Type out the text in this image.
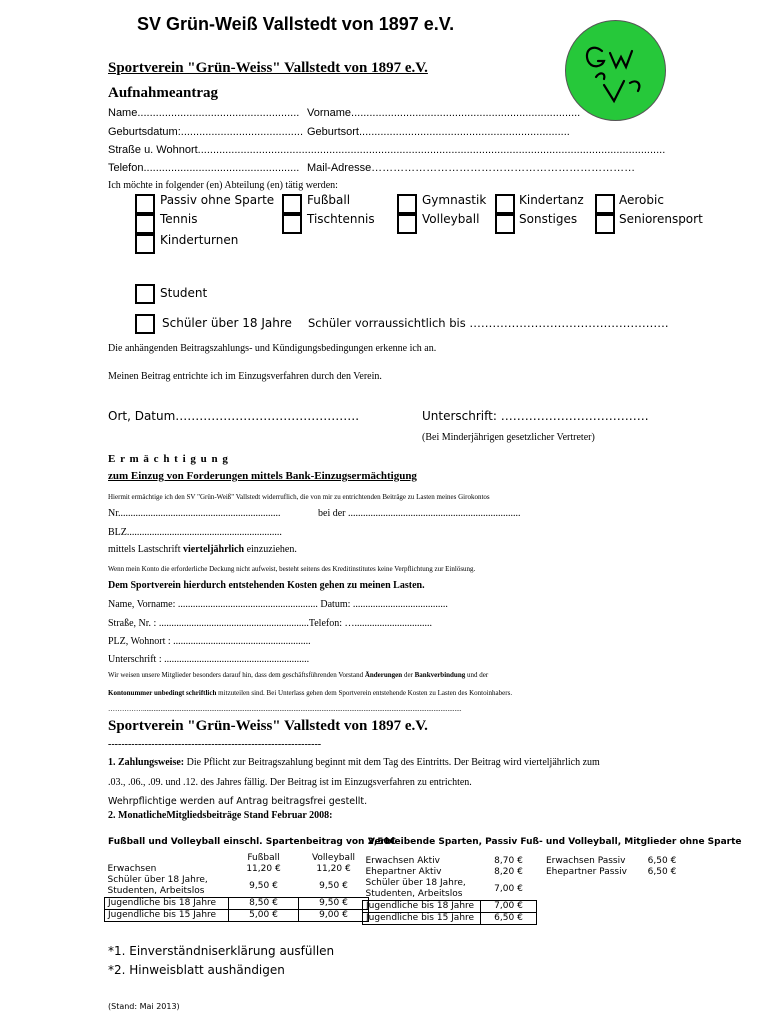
SV Grün-Weiß Vallstedt von 1897 e.V.
Sportverein "Grün-Weiss" Vallstedt von 1897 e.V.
Aufnahmeantrag
Name..................................................... Vorname...........................................................................
Geburtsdatum:........................................ Geburtsort.....................................................................
Straße u. Wohnort.........................................................................................................................................................
Telefon................................................... Mail-Adresse………………………………………………………………
Ich möchte in folgender (en) Abteilung (en) tätig werden:
Passiv ohne Sparte
Tennis
Kinderturnen
Fußball
Tischtennis
Gymnastik
Volleyball
Kindertanz
Sonstiges
Aerobic
Seniorensport
Student
Schüler über 18 Jahre Schüler vorraussichtlich bis …………………………………………….
Die anhängenden Beitragszahlungs- und Kündigungsbedingungen erkenne ich an.
Meinen Beitrag entrichte ich im Einzugsverfahren durch den Verein.
Ort, Datum……………………………………….	Unterschrift: ……………………………….
(Bei Minderjährigen gesetzlicher Vertreter)
E r m ä c h t i g u n g
zum Einzug von Forderungen mittels Bank-Einzugsermächtigung
Hiermit ermächtige ich den SV "Grün-Weiß" Vallstedt widerruflich, die von mir zu entrichtenden Beiträge zu Lasten meines Girokontos
Nr.................................................................	bei der .....................................................................
BLZ..............................................................
mittels Lastschrift vierteljährlich einzuziehen.
Wenn mein Konto die erforderliche Deckung nicht aufweist, besteht seitens des Kreditinstitutes keine Verpflichtung zur Einlösung.
Dem Sportverein hierdurch entstehenden Kosten gehen zu meinen Lasten.
Name, Vorname: ........................................................ Datum: ......................................
Straße, Nr. : ............................................................Telefon: …...............................
PLZ, Wohnort : .......................................................
Unterschrift : ..........................................................
Wir weisen unsere Mitglieder besonders darauf hin, dass dem geschäftsführenden Vorstand Änderungen der Bankverbindung und der
Kontonummer unbedingt schriftlich mitzuteilen sind. Bei Unterlass gehen dem Sportverein entstehende Kosten zu Lasten des Kontoinhabers.
……………......................................................................................................................................................................................
Sportverein "Grün-Weiss" Vallstedt von 1897 e.V.
----------------------------------------------------------------
1. Zahlungsweise: Die Pflicht zur Beitragszahlung beginnt mit dem Tag des Eintritts. Der Beitrag wird vierteljährlich zum
.03., .06., .09. und .12. des Jahres fällig. Der Beitrag ist im Einzugsverfahren zu entrichten.
Wehrpflichtige werden auf Antrag beitragsfrei gestellt.
2. MonatlicheMitgliedsbeiträge Stand Februar 2008:
Fußball und Volleyball einschl. Spartenbeitrag von 2,50€
	Fußball	Volleyball
Erwachsen	11,20 €	11,20 €
Schüler über 18 Jahre, Studenten, Arbeitslos	9,50 €	9,50 €
Jugendliche bis 18 Jahre	8,50 €	9,50 €
Jugendliche bis 15 Jahre	5,00 €	9,00 €
Verbleibende Sparten, Passiv Fuß- und Volleyball, Mitglieder ohne Sparte
Erwachsen Aktiv	8,70 €
Ehepartner Aktiv	8,20 €
Schüler über 18 Jahre, Studenten, Arbeitslos	7,00 €
Jugendliche bis 18 Jahre	7,00 €
Jugendliche bis 15 Jahre	6,50 €
Erwachsen Passiv	6,50 €
Ehepartner Passiv	6,50 €
*1. Einverständniserklärung ausfüllen
*2. Hinweisblatt aushändigen
(Stand: Mai 2013)
